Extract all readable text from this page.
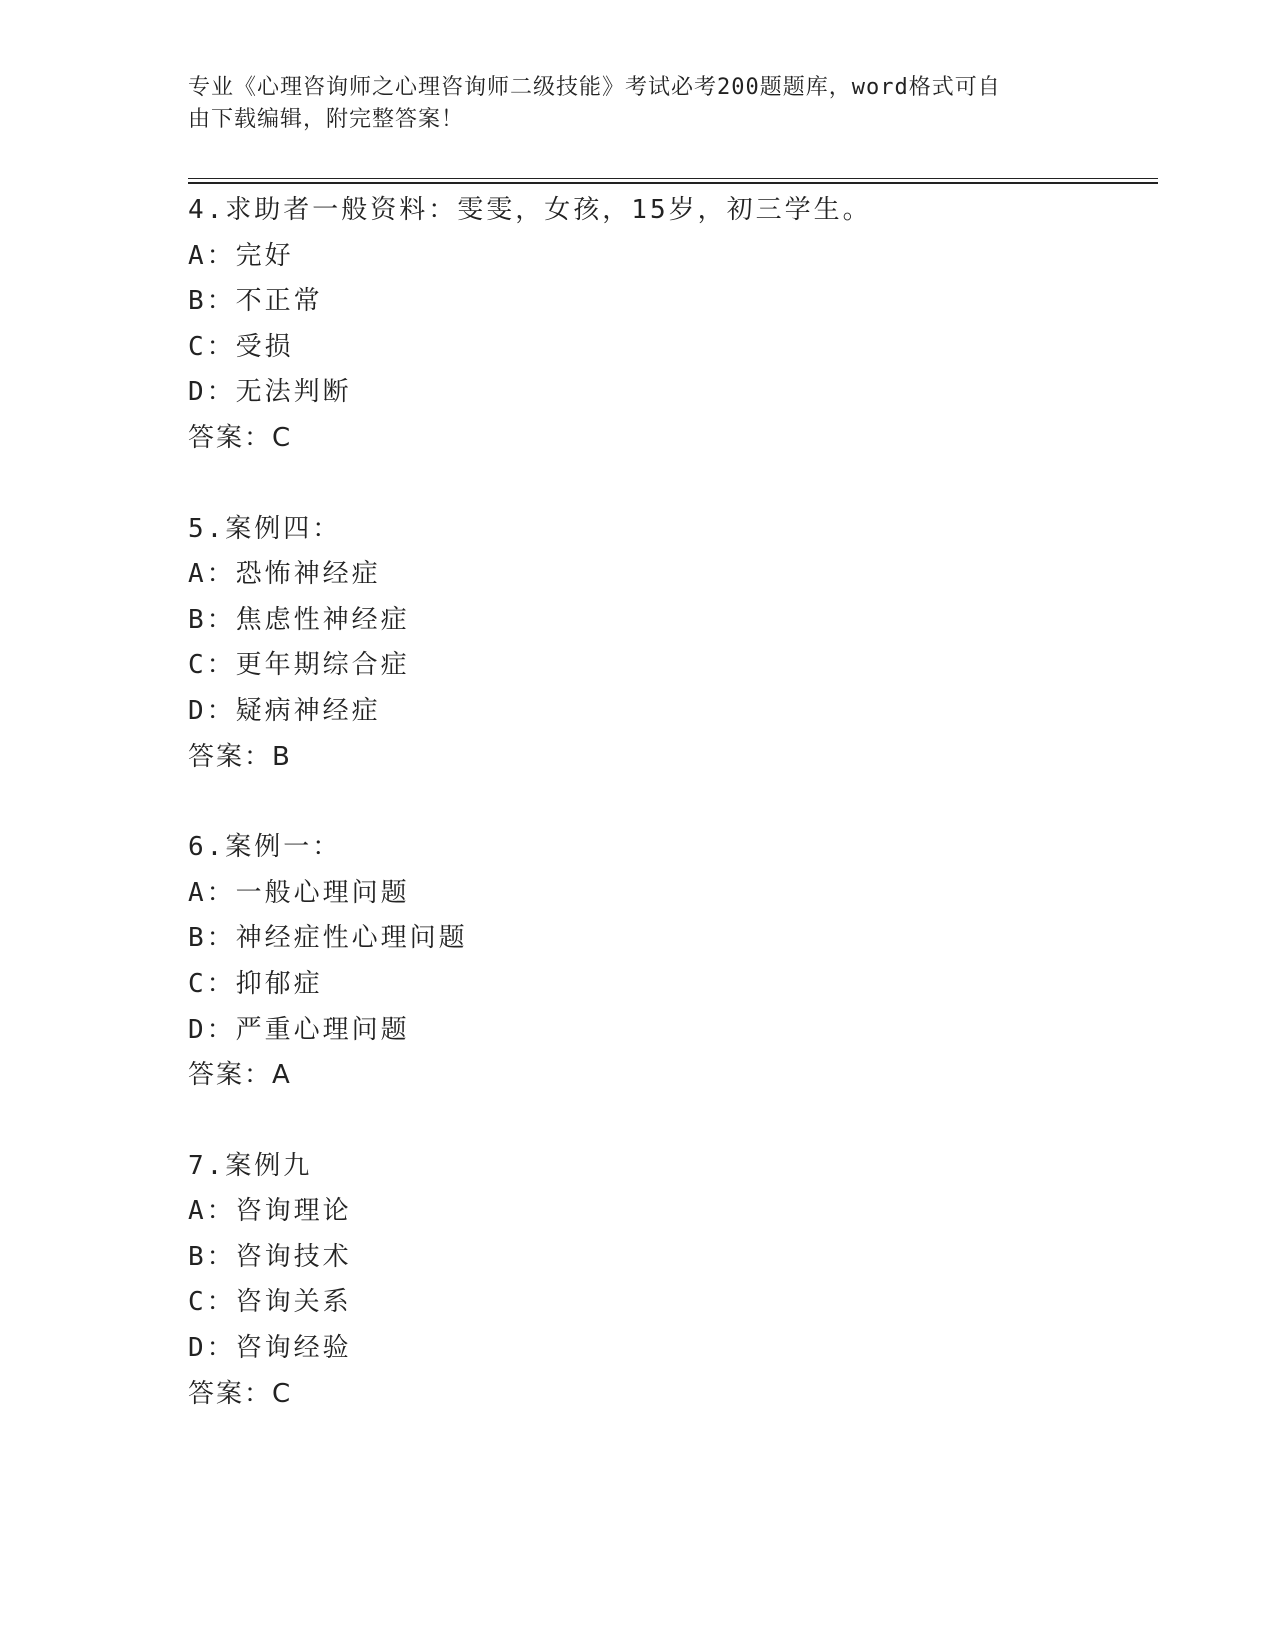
专业《心理咨询师之心理咨询师二级技能》考试必考200题题库，word格式可自
由下载编辑，附完整答案！
4.求助者一般资料：雯雯，女孩，15岁，初三学生。
A：完好
B：不正常
C：受损
D：无法判断
答案：C
5.案例四：
A：恐怖神经症
B：焦虑性神经症
C：更年期综合症
D：疑病神经症
答案：B
6.案例一：
A：一般心理问题
B：神经症性心理问题
C：抑郁症
D：严重心理问题
答案：A
7.案例九
A：咨询理论
B：咨询技术
C：咨询关系
D：咨询经验
答案：C
